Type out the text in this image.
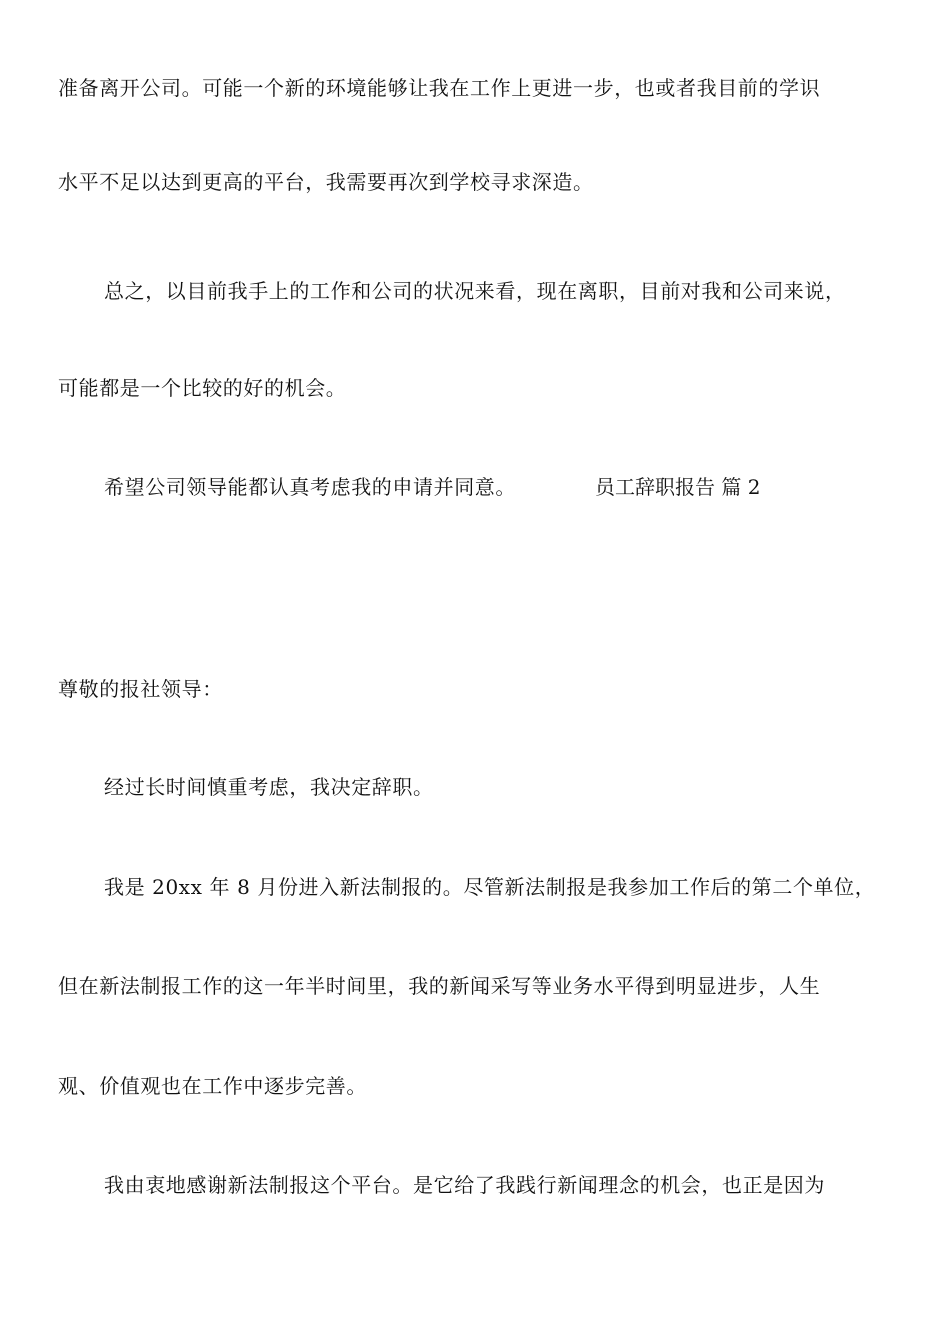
准备离开公司。可能一个新的环境能够让我在工作上更进一步，也或者我目前的学识
水平不足以达到更高的平台，我需要再次到学校寻求深造。
总之，以目前我手上的工作和公司的状况来看，现在离职，目前对我和公司来说，
可能都是一个比较的好的机会。
希望公司领导能都认真考虑我的申请并同意。	员工辞职报告 篇 2
尊敬的报社领导：
经过长时间慎重考虑，我决定辞职。
我是 20xx 年 8 月份进入新法制报的。尽管新法制报是我参加工作后的第二个单位，
但在新法制报工作的这一年半时间里，我的新闻采写等业务水平得到明显进步，人生
观、价值观也在工作中逐步完善。
我由衷地感谢新法制报这个平台。是它给了我践行新闻理念的机会，也正是因为
